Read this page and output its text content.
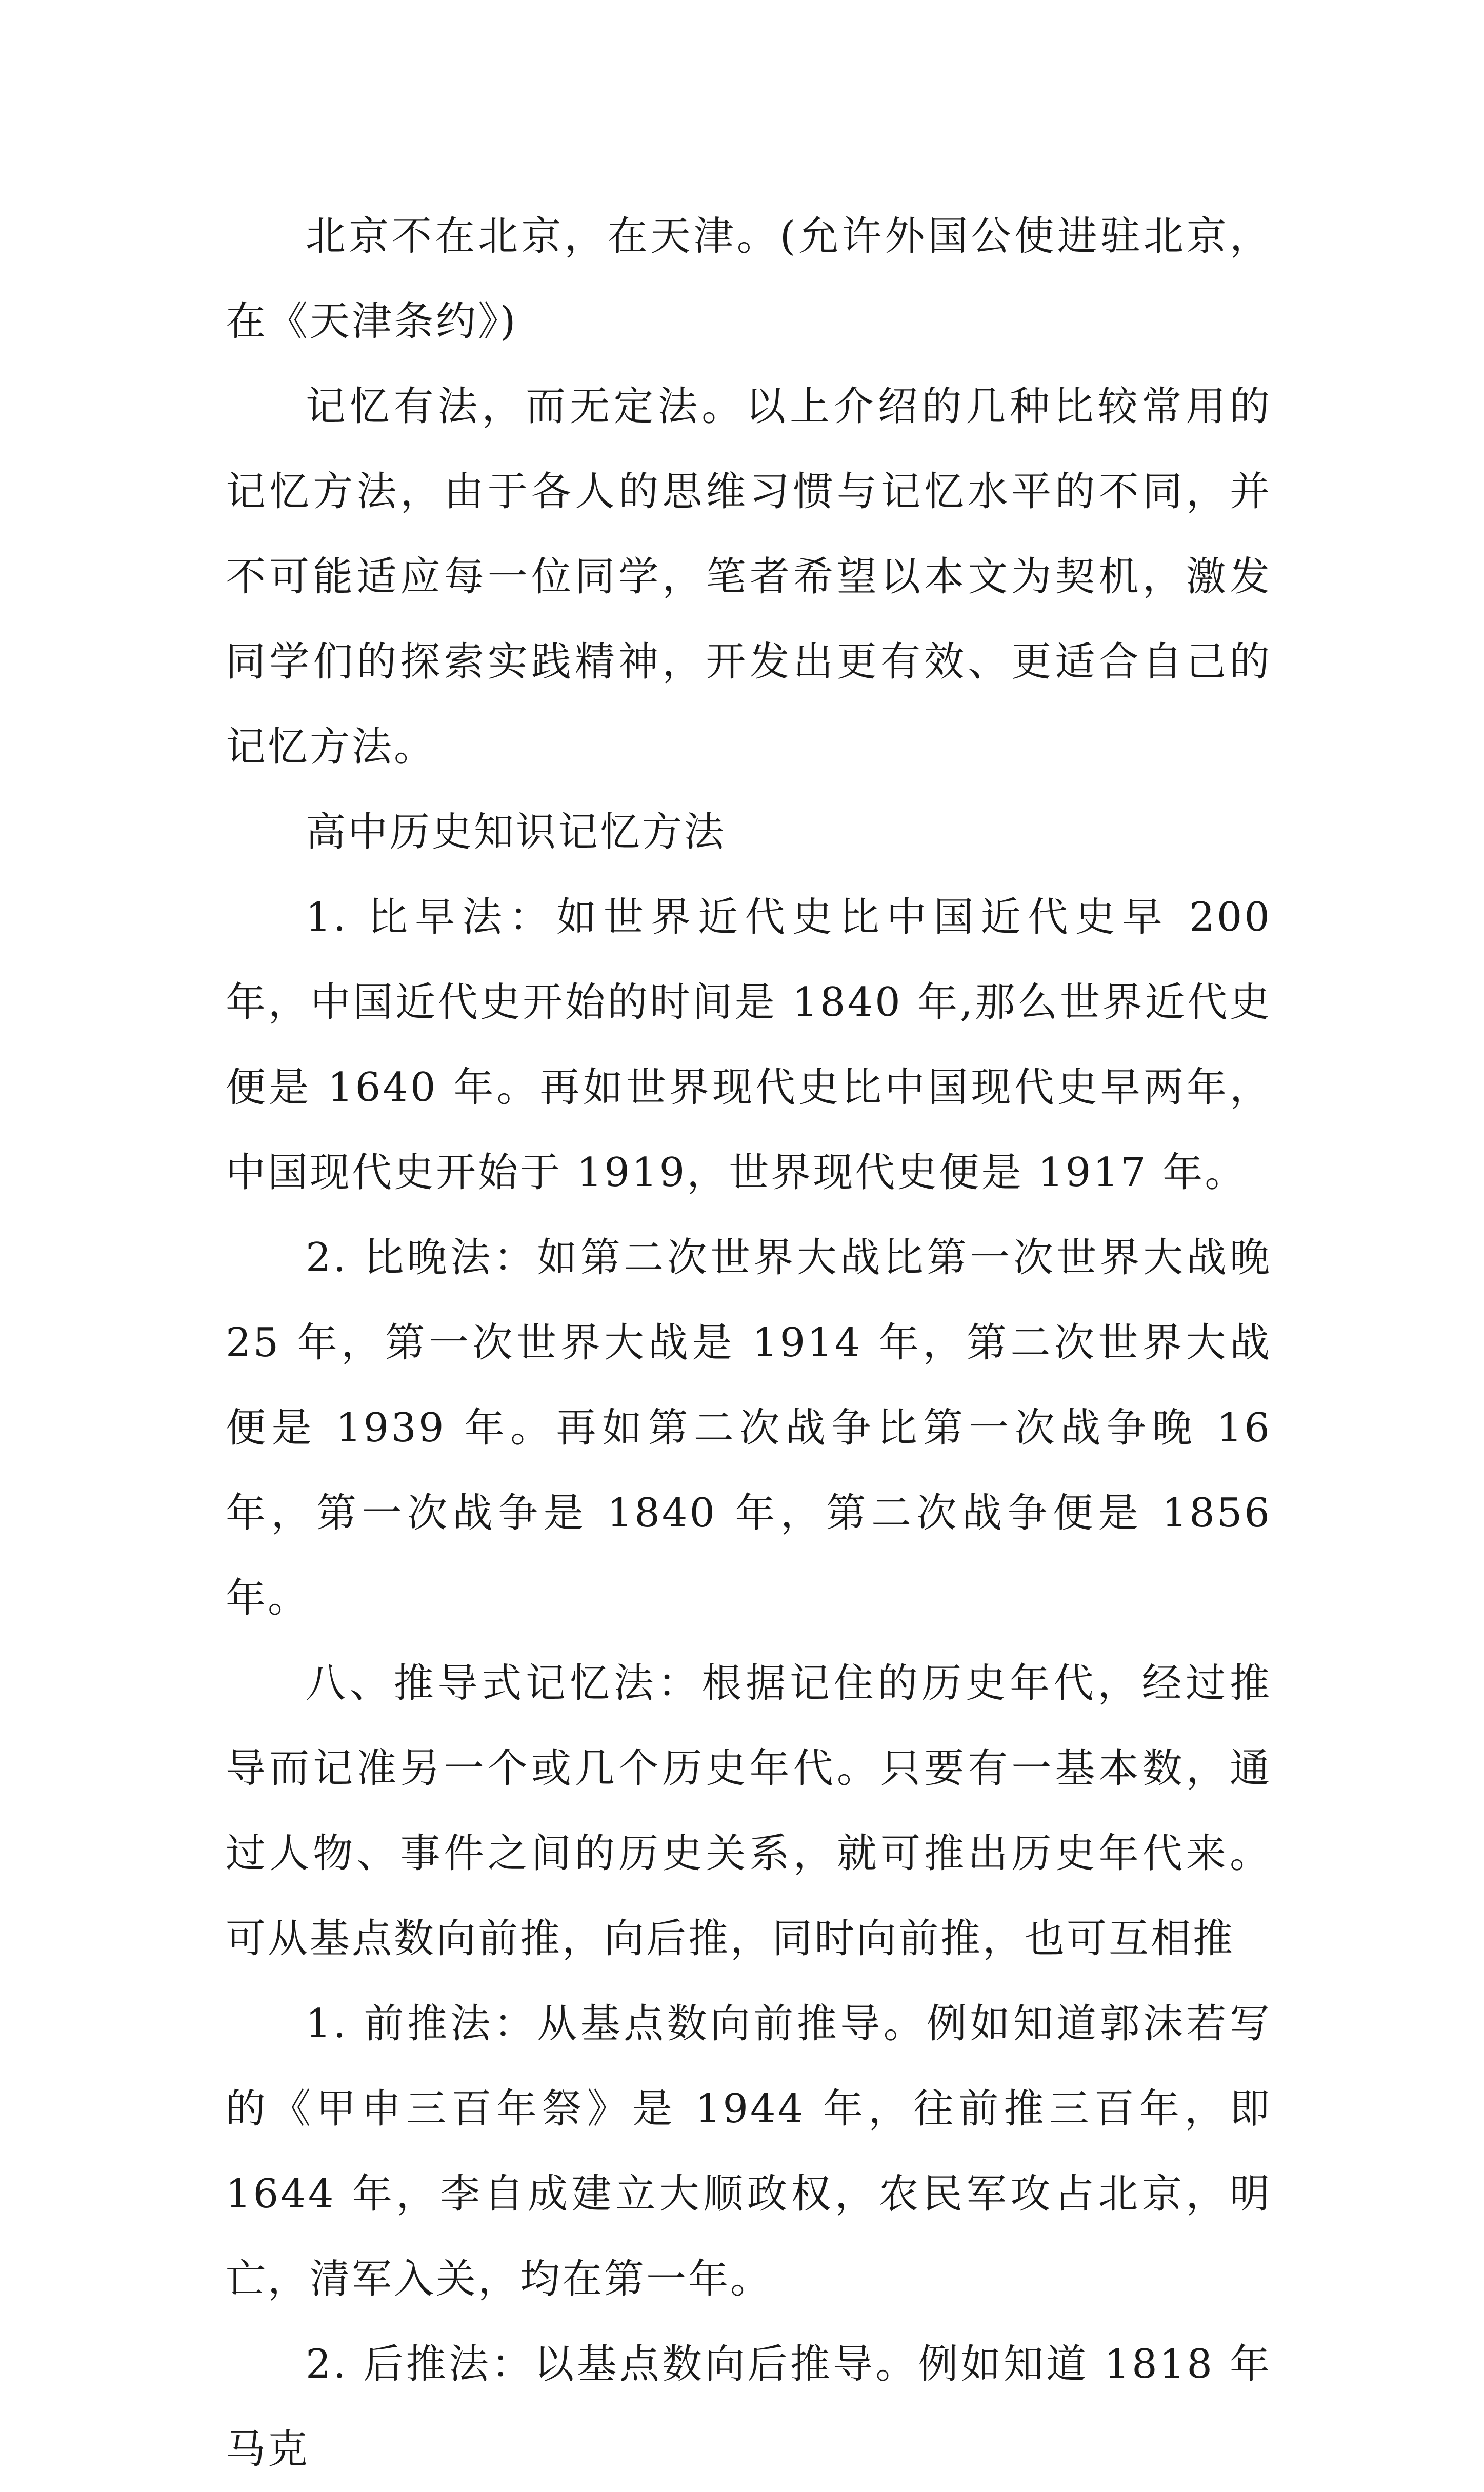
北京不在北京，在天津。(允许外国公使进驻北京，在《天津条约》)

记忆有法，而无定法。以上介绍的几种比较常用的记忆方法，由于各人的思维习惯与记忆水平的不同，并不可能适应每一位同学，笔者希望以本文为契机，激发同学们的探索实践精神，开发出更有效、更适合自己的记忆方法。

高中历史知识记忆方法

1. 比早法：如世界近代史比中国近代史早 200 年，中国近代史开始的时间是 1840 年,那么世界近代史便是 1640 年。再如世界现代史比中国现代史早两年，中国现代史开始于 1919，世界现代史便是 1917 年。

2. 比晚法：如第二次世界大战比第一次世界大战晚 25 年，第一次世界大战是 1914 年，第二次世界大战便是 1939 年。再如第二次战争比第一次战争晚 16 年，第一次战争是 1840 年，第二次战争便是 1856 年。

八、推导式记忆法：根据记住的历史年代，经过推导而记准另一个或几个历史年代。只要有一基本数，通过人物、事件之间的历史关系，就可推出历史年代来。可从基点数向前推，向后推，同时向前推，也可互相推

1. 前推法：从基点数向前推导。例如知道郭沫若写的《甲申三百年祭》是 1944 年，往前推三百年，即 1644 年，李自成建立大顺政权，农民军攻占北京，明亡，清军入关，均在第一年。

2. 后推法：以基点数向后推导。例如知道 1818 年马克
